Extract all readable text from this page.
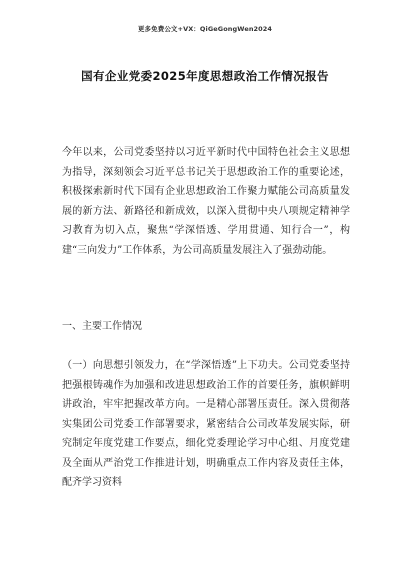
更多免费公文+VX：QiGeGongWen2024
国有企业党委2025年度思想政治工作情况报告

今年以来，公司党委坚持以习近平新时代中国特色社会主义思想为指导，深刻领会习近平总书记关于思想政治工作的重要论述，积极探索新时代下国有企业思想政治工作聚力赋能公司高质量发展的新方法、新路径和新成效，以深入贯彻中央八项规定精神学习教育为切入点，聚焦“学深悟透、学用贯通、知行合一”，构建“三向发力”工作体系，为公司高质量发展注入了强劲动能。

一、主要工作情况

（一）向思想引领发力，在“学深悟透”上下功夫。公司党委坚持把强根铸魂作为加强和改进思想政治工作的首要任务，旗帜鲜明讲政治，牢牢把握改革方向。一是精心部署压责任。深入贯彻落实集团公司党委工作部署要求，紧密结合公司改革发展实际，研究制定年度党建工作要点，细化党委理论学习中心组、月度党建及全面从严治党工作推进计划，明确重点工作内容及责任主体，配齐学习资料
